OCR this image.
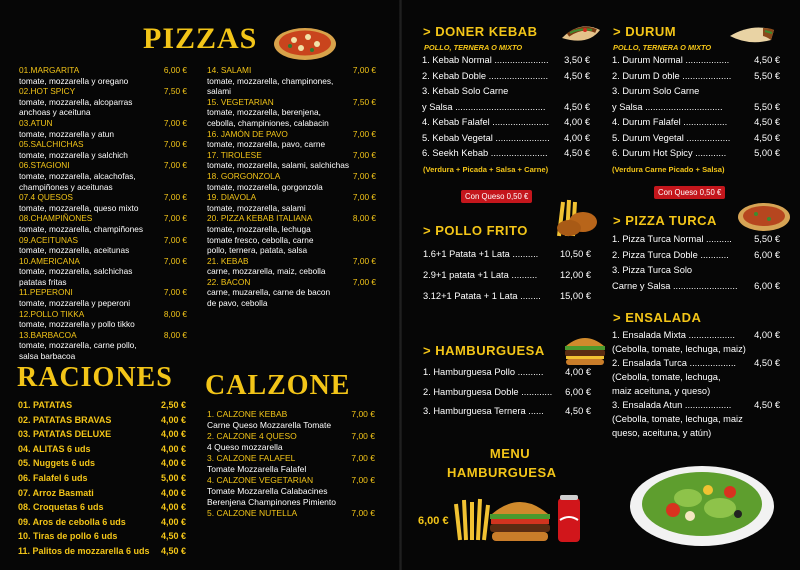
PIZZAS
01.MARGARITA	6,00 €
tomate, mozzarella y oregano
02.HOT SPICY	7,50 €
tomate, mozzarella, alcoparras
anchoas y aceituna
03.ATUN	7,00 €
tomate, mozzarella y atun
05.SALCHICHAS	7,00 €
tomate, mozzarella y salchich
06.STAGIONI	7,00 €
tomate, mozzarella, alcachofas,
champiñones y aceitunas
07.4 QUESOS	7,00 €
tomate, mozzarella, queso mixto
08.CHAMPIÑONES	7,00 €
tomate, mozzarella, champiñones
09.ACEITUNAS	7,00 €
tomate, mozzarella, aceitunas
10.AMERICANA	7,00 €
tomate, mozzarella, salchichas
patatas fritas
11.PEPERONI	7,00 €
tomate, mozzarella y peperoni
12.POLLO TIKKA	8,00 €
tomate, mozzarella y pollo tikko
13.BARBACOA	8,00 €
tomate, mozzarella, carne pollo,
salsa barbacoa
14. SALAMI	7,00 €
tomate, mozzarella, champinones,
salami
15. VEGETARIAN	7,50 €
tomate, mozzarella, berenjena,
cebolla, champiniones, calabacin
16. JAMÓN DE PAVO	7,00 €
tomate, mozzarella, pavo, carne
17. TIROLESE	7,00 €
tomate, mozzarella, salami, salchichas
18. GORGONZOLA	7,00 €
tomate, mozzarella, gorgonzola
19. DIAVOLA	7,00 €
tomate, mozzarella, salami
20. PIZZA KEBAB ITALIANA	8,00 €
tomate, mozzarella, lechuga
tomate fresco, cebolla, carne
pollo, ternera, patata, salsa
21. KEBAB	7,00 €
carne, mozzarella, maiz, cebolla
22. BACON	7,00 €
carne, muzarella, carne de bacon
de pavo, cebolla
RACIONES
01. PATATAS	2,50 €
02. PATATAS BRAVAS	4,00 €
03. PATATAS DELUXE	4,00 €
04. ALITAS 6 uds	4,00 €
05. Nuggets 6 uds	4,00 €
06. Falafel 6 uds	5,00 €
07. Arroz Basmati	4,00 €
08. Croquetas 6 uds	4,00 €
09. Aros de cebolla 6 uds	4,00 €
10. Tiras de pollo 6 uds	4,50 €
11. Palitos de mozzarella 6 uds 4,50 €
CALZONE
1. CALZONE KEBAB	7,00 €
Carne Queso Mozzarella Tomate
2. CALZONE 4 QUESO	7,00 €
4 Queso mozzarella
3. CALZONE FALAFEL	7,00 €
Tomate Mozzarella Falafel
4. CALZONE VEGETARIAN	7,00 €
Tomate Mozzarella Calabacines
Berenjena Champinones Pimiento
5. CALZONE NUTELLA	7,00 €
> DONER KEBAB
POLLO, TERNERA O MIXTO
1. Kebab Normal ..................... 3,50 €
2. Kebab Doble ....................... 4,50 €
3. Kebab Solo Carne
y Salsa ................................... 4,50 €
4. Kebab Falafel ...................... 4,00 €
5. Kebab Vegetal ..................... 4,00 €
6. Seekh Kebab ...................... 4,50 €
(Verdura + Picada + Salsa + Carne)
Con Queso 0,50 €
> DURUM
POLLO, TERNERA O MIXTO
1. Durum Normal .................	4,50 €
2. Durum D oble ................... 5,50 €
3. Durum Solo Carne
y Salsa ..............................	5,50 €
4. Durum Falafel .................	4,50 €
5. Durum Vegetal .................	4,50 €
6. Durum Hot Spicy ............	5,00 €
(Verdura Carne Picado + Salsa)
Con Queso 0,50 €
> POLLO FRITO
1.6+1 Patata +1 Lata .......... 10,50 €
2.9+1 patata +1 Lata .......... 12,00 €
3.12+1 Patata + 1 Lata ........ 15,00 €
> HAMBURGUESA
1. Hamburguesa Pollo .......... 4,00 €
2. Hamburguesa Doble ............ 6,00 €
3. Hamburguesa Ternera ...... 4,50 €
> PIZZA TURCA
1. Pizza Turca Normal .......... 5,50 €
2. Pizza Turca Doble ...........	6,00 €
3. Pizza Turca Solo
Carne y Salsa ......................... 6,00 €
> ENSALADA
1. Ensalada Mixta .................. 4,00 €
(Cebolla, tomate, lechuga, maiz)
2. Ensalada Turca .................. 4,50 €
(Cebolla, tomate, lechuga,
maiz aceituna, y queso)
3. Ensalada Atun .................. 4,50 €
(Cebolla, tomate, lechuga, maiz
queso, aceituna, y atún)
MENU
HAMBURGUESA
6,00 €
